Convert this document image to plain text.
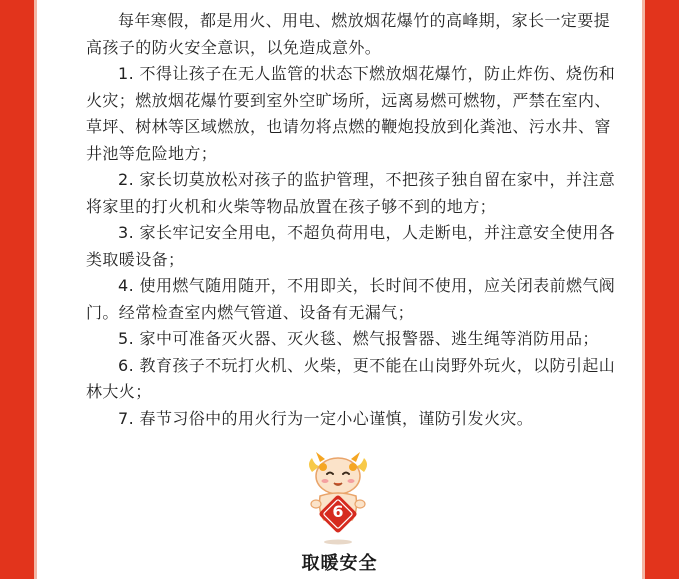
每年寒假，都是用火、用电、燃放烟花爆竹的高峰期，家长一定要提高孩子的防火安全意识，以免造成意外。

1. 不得让孩子在无人监管的状态下燃放烟花爆竹，防止炸伤、烧伤和火灾；燃放烟花爆竹要到室外空旷场所，远离易燃可燃物，严禁在室内、草坪、树林等区域燃放，也请勿将点燃的鞭炮投放到化粪池、污水井、窨井池等危险地方；

2. 家长切莫放松对孩子的监护管理，不把孩子独自留在家中，并注意将家里的打火机和火柴等物品放置在孩子够不到的地方；

3. 家长牢记安全用电，不超负荷用电，人走断电，并注意安全使用各类取暖设备；

4. 使用燃气随用随开，不用即关，长时间不使用，应关闭表前燃气阀门。经常检查室内燃气管道、设备有无漏气；

5. 家中可准备灭火器、灭火毯、燃气报警器、逃生绳等消防用品；

6. 教育孩子不玩打火机、火柴，更不能在山岗野外玩火，以防引起山林大火；

7. 春节习俗中的用火行为一定小心谨慎，谨防引发火灾。

6
取暖安全
